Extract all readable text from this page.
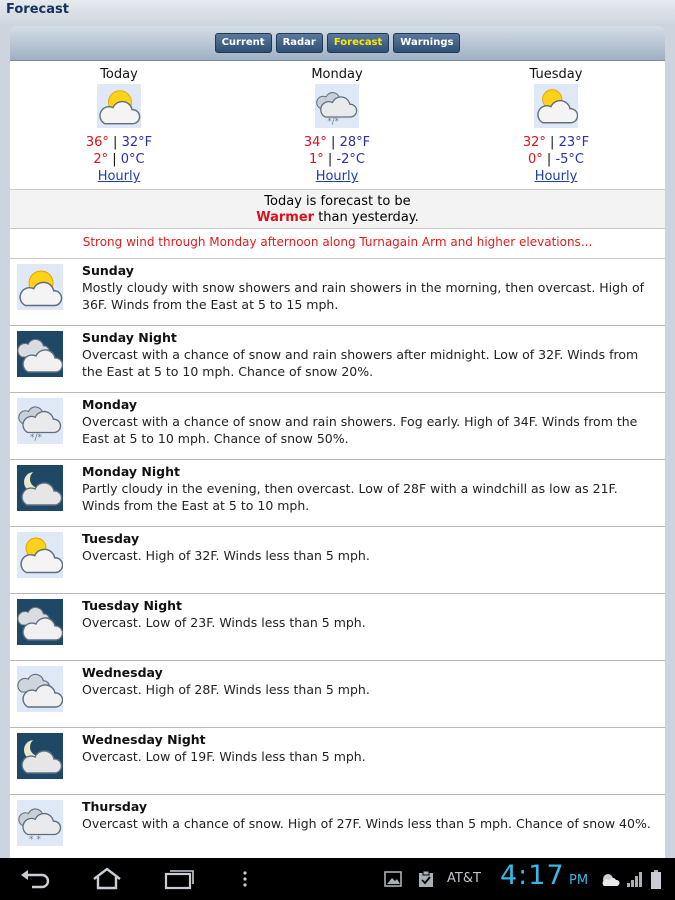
Forecast
Current	Radar	Forecast	Warnings
Today
36° | 32°F
2° | 0°C
Hourly
Monday
*/*
34° | 28°F
1° | -2°C
Hourly
Tuesday
32° | 23°F
0° | -5°C
Hourly
Today is forecast to be
Warmer than yesterday.
Strong wind through Monday afternoon along Turnagain Arm and higher elevations...
Sunday
Mostly cloudy with snow showers and rain showers in the morning, then overcast. High of 36F. Winds from the East at 5 to 15 mph.
Sunday Night
Overcast with a chance of snow and rain showers after midnight. Low of 32F. Winds from the East at 5 to 10 mph. Chance of snow 20%.
*/*
Monday
Overcast with a chance of snow and rain showers. Fog early. High of 34F. Winds from the East at 5 to 10 mph. Chance of snow 50%.
Monday Night
Partly cloudy in the evening, then overcast. Low of 28F with a windchill as low as 21F. Winds from the East at 5 to 10 mph.
Tuesday
Overcast. High of 32F. Winds less than 5 mph.
Tuesday Night
Overcast. Low of 23F. Winds less than 5 mph.
Wednesday
Overcast. High of 28F. Winds less than 5 mph.
Wednesday Night
Overcast. Low of 19F. Winds less than 5 mph.
* *
Thursday
Overcast with a chance of snow. High of 27F. Winds less than 5 mph. Chance of snow 40%.
AT&T 4:17 PM
